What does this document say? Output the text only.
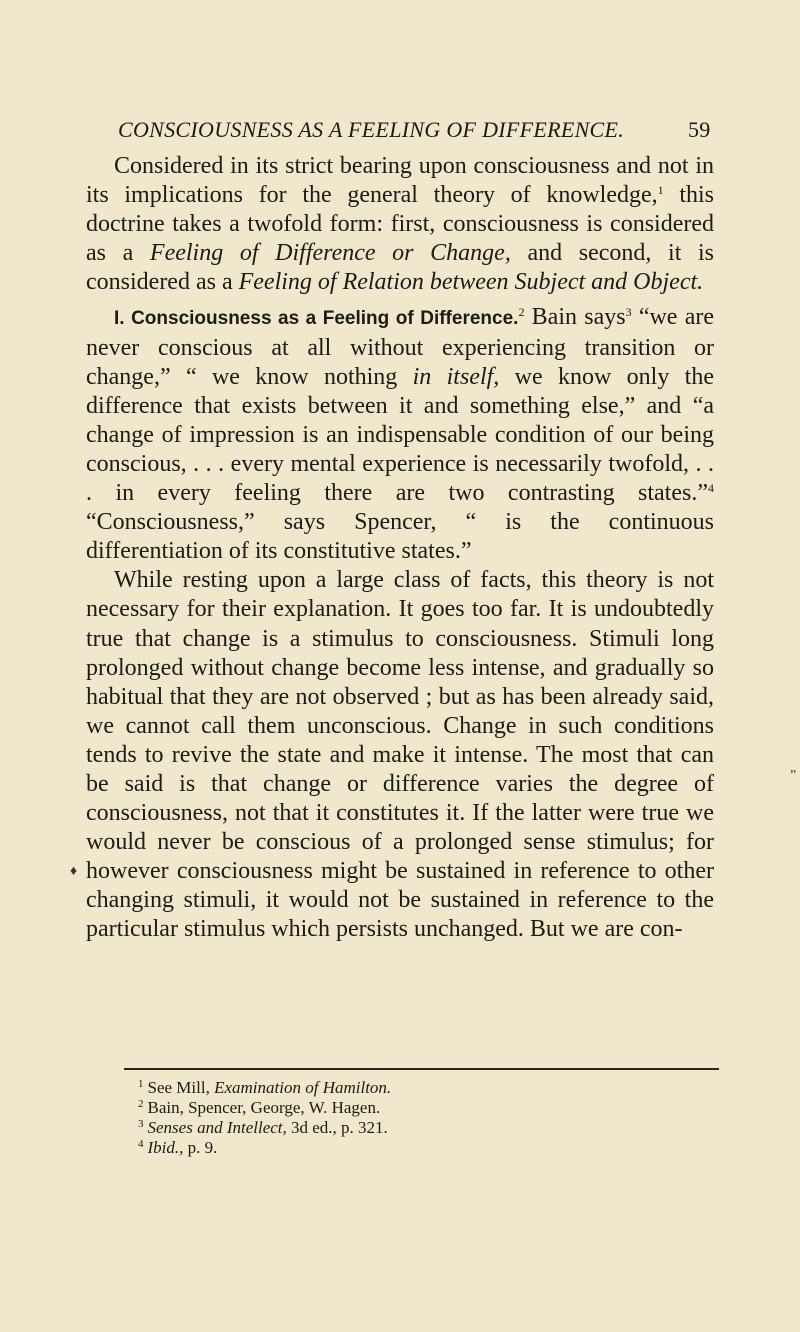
CONSCIOUSNESS AS A FEELING OF DIFFERENCE.	59

Considered in its strict bearing upon consciousness and not in its implications for the general theory of knowledge,$^1$ this doctrine takes a twofold form: first, consciousness is considered as a Feeling of Difference or Change, and second, it is considered as a Feeling of Relation between Subject and Object.

I. Consciousness as a Feeling of Difference.$^2$ Bain says$^3$ “we are never conscious at all without experiencing transition or change,” “ we know nothing in itself, we know only the difference that exists between it and something else,” and “a change of impression is an indispensable condition of our being conscious, . . . every mental experience is necessarily twofold, . . . in every feeling there are two contrasting states.”$^4$ “Consciousness,” says Spencer, “ is the continuous differentiation of its constitutive states.”

While resting upon a large class of facts, this theory is not necessary for their explanation. It goes too far. It is undoubtedly true that change is a stimulus to consciousness. Stimuli long prolonged without change become less intense, and gradually so habitual that they are not observed ; but as has been already said, we cannot call them unconscious. Change in such conditions tends to revive the state and make it intense. The most that can be said is that change or difference varies the degree of consciousness, not that it constitutes it. If the latter were true we would never be conscious of a prolonged sense stimulus; for however consciousness might be sustained in reference to other changing stimuli, it would not be sustained in reference to the particular stimulus which persists unchanged. But we are con-

”
♦
$^1$ See Mill, Examination of Hamilton.
$^2$ Bain, Spencer, George, W. Hagen.
$^3$ Senses and Intellect, 3d ed., p. 321.
$^4$ Ibid., p. 9.
